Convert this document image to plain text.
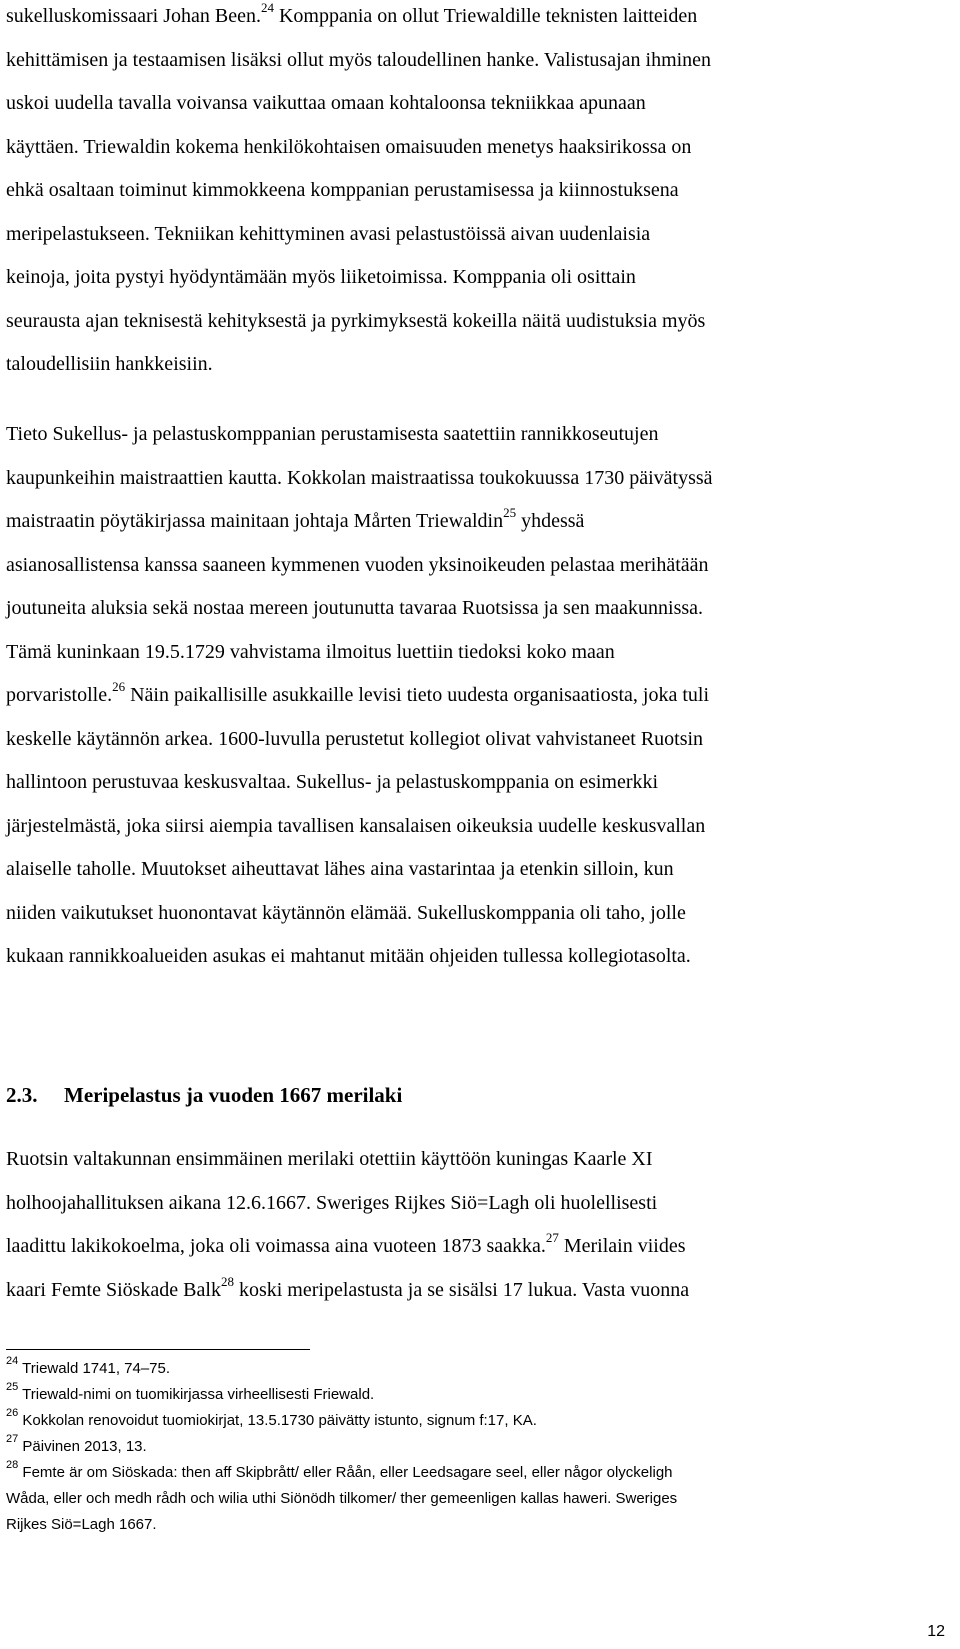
sukelluskomissaari Johan Been.$^{24}$ Komppania on ollut Triewaldille teknisten laitteiden
kehittämisen ja testaamisen lisäksi ollut myös taloudellinen hanke. Valistusajan ihminen
uskoi uudella tavalla voivansa vaikuttaa omaan kohtaloonsa tekniikkaa apunaan
käyttäen. Triewaldin kokema henkilökohtaisen omaisuuden menetys haaksirikossa on
ehkä osaltaan toiminut kimmokkeena komppanian perustamisessa ja kiinnostuksena
meripelastukseen. Tekniikan kehittyminen avasi pelastustöissä aivan uudenlaisia
keinoja, joita pystyi hyödyntämään myös liiketoimissa. Komppania oli osittain
seurausta ajan teknisestä kehityksestä ja pyrkimyksestä kokeilla näitä uudistuksia myös
taloudellisiin hankkeisiin.
Tieto Sukellus- ja pelastuskomppanian perustamisesta saatettiin rannikkoseutujen
kaupunkeihin maistraattien kautta. Kokkolan maistraatissa toukokuussa 1730 päivätyssä
maistraatin pöytäkirjassa mainitaan johtaja Mårten Triewaldin$^{25}$ yhdessä
asianosallistensa kanssa saaneen kymmenen vuoden yksinoikeuden pelastaa merihätään
joutuneita aluksia sekä nostaa mereen joutunutta tavaraa Ruotsissa ja sen maakunnissa.
Tämä kuninkaan 19.5.1729 vahvistama ilmoitus luettiin tiedoksi koko maan
porvaristolle.$^{26}$ Näin paikallisille asukkaille levisi tieto uudesta organisaatiosta, joka tuli
keskelle käytännön arkea. 1600-luvulla perustetut kollegiot olivat vahvistaneet Ruotsin
hallintoon perustuvaa keskusvaltaa. Sukellus- ja pelastuskomppania on esimerkki
järjestelmästä, joka siirsi aiempia tavallisen kansalaisen oikeuksia uudelle keskusvallan
alaiselle taholle. Muutokset aiheuttavat lähes aina vastarintaa ja etenkin silloin, kun
niiden vaikutukset huonontavat käytännön elämää. Sukelluskomppania oli taho, jolle
kukaan rannikkoalueiden asukas ei mahtanut mitään ohjeiden tullessa kollegiotasolta.
2.3. Meripelastus ja vuoden 1667 merilaki
Ruotsin valtakunnan ensimmäinen merilaki otettiin käyttöön kuningas Kaarle XI
holhoojahallituksen aikana 12.6.1667. Sweriges Rijkes Siö=Lagh oli huolellisesti
laadittu lakikokoelma, joka oli voimassa aina vuoteen 1873 saakka.$^{27}$ Merilain viides
kaari Femte Siöskade Balk$^{28}$ koski meripelastusta ja se sisälsi 17 lukua. Vasta vuonna
$^{24}$ Triewald 1741, 74–75.
$^{25}$ Triewald-nimi on tuomikirjassa virheellisesti Friewald.
$^{26}$ Kokkolan renovoidut tuomiokirjat, 13.5.1730 päivätty istunto, signum f:17, KA.
$^{27}$ Päivinen 2013, 13.
$^{28}$ Femte är om Siöskada: then aff Skipbrått/ eller Råån, eller Leedsagare seel, eller någor olyckeligh
Wåda, eller och medh rådh och wilia uthi Siönödh tilkomer/ ther gemeenligen kallas haweri. Sweriges
Rijkes Siö=Lagh 1667.
12
